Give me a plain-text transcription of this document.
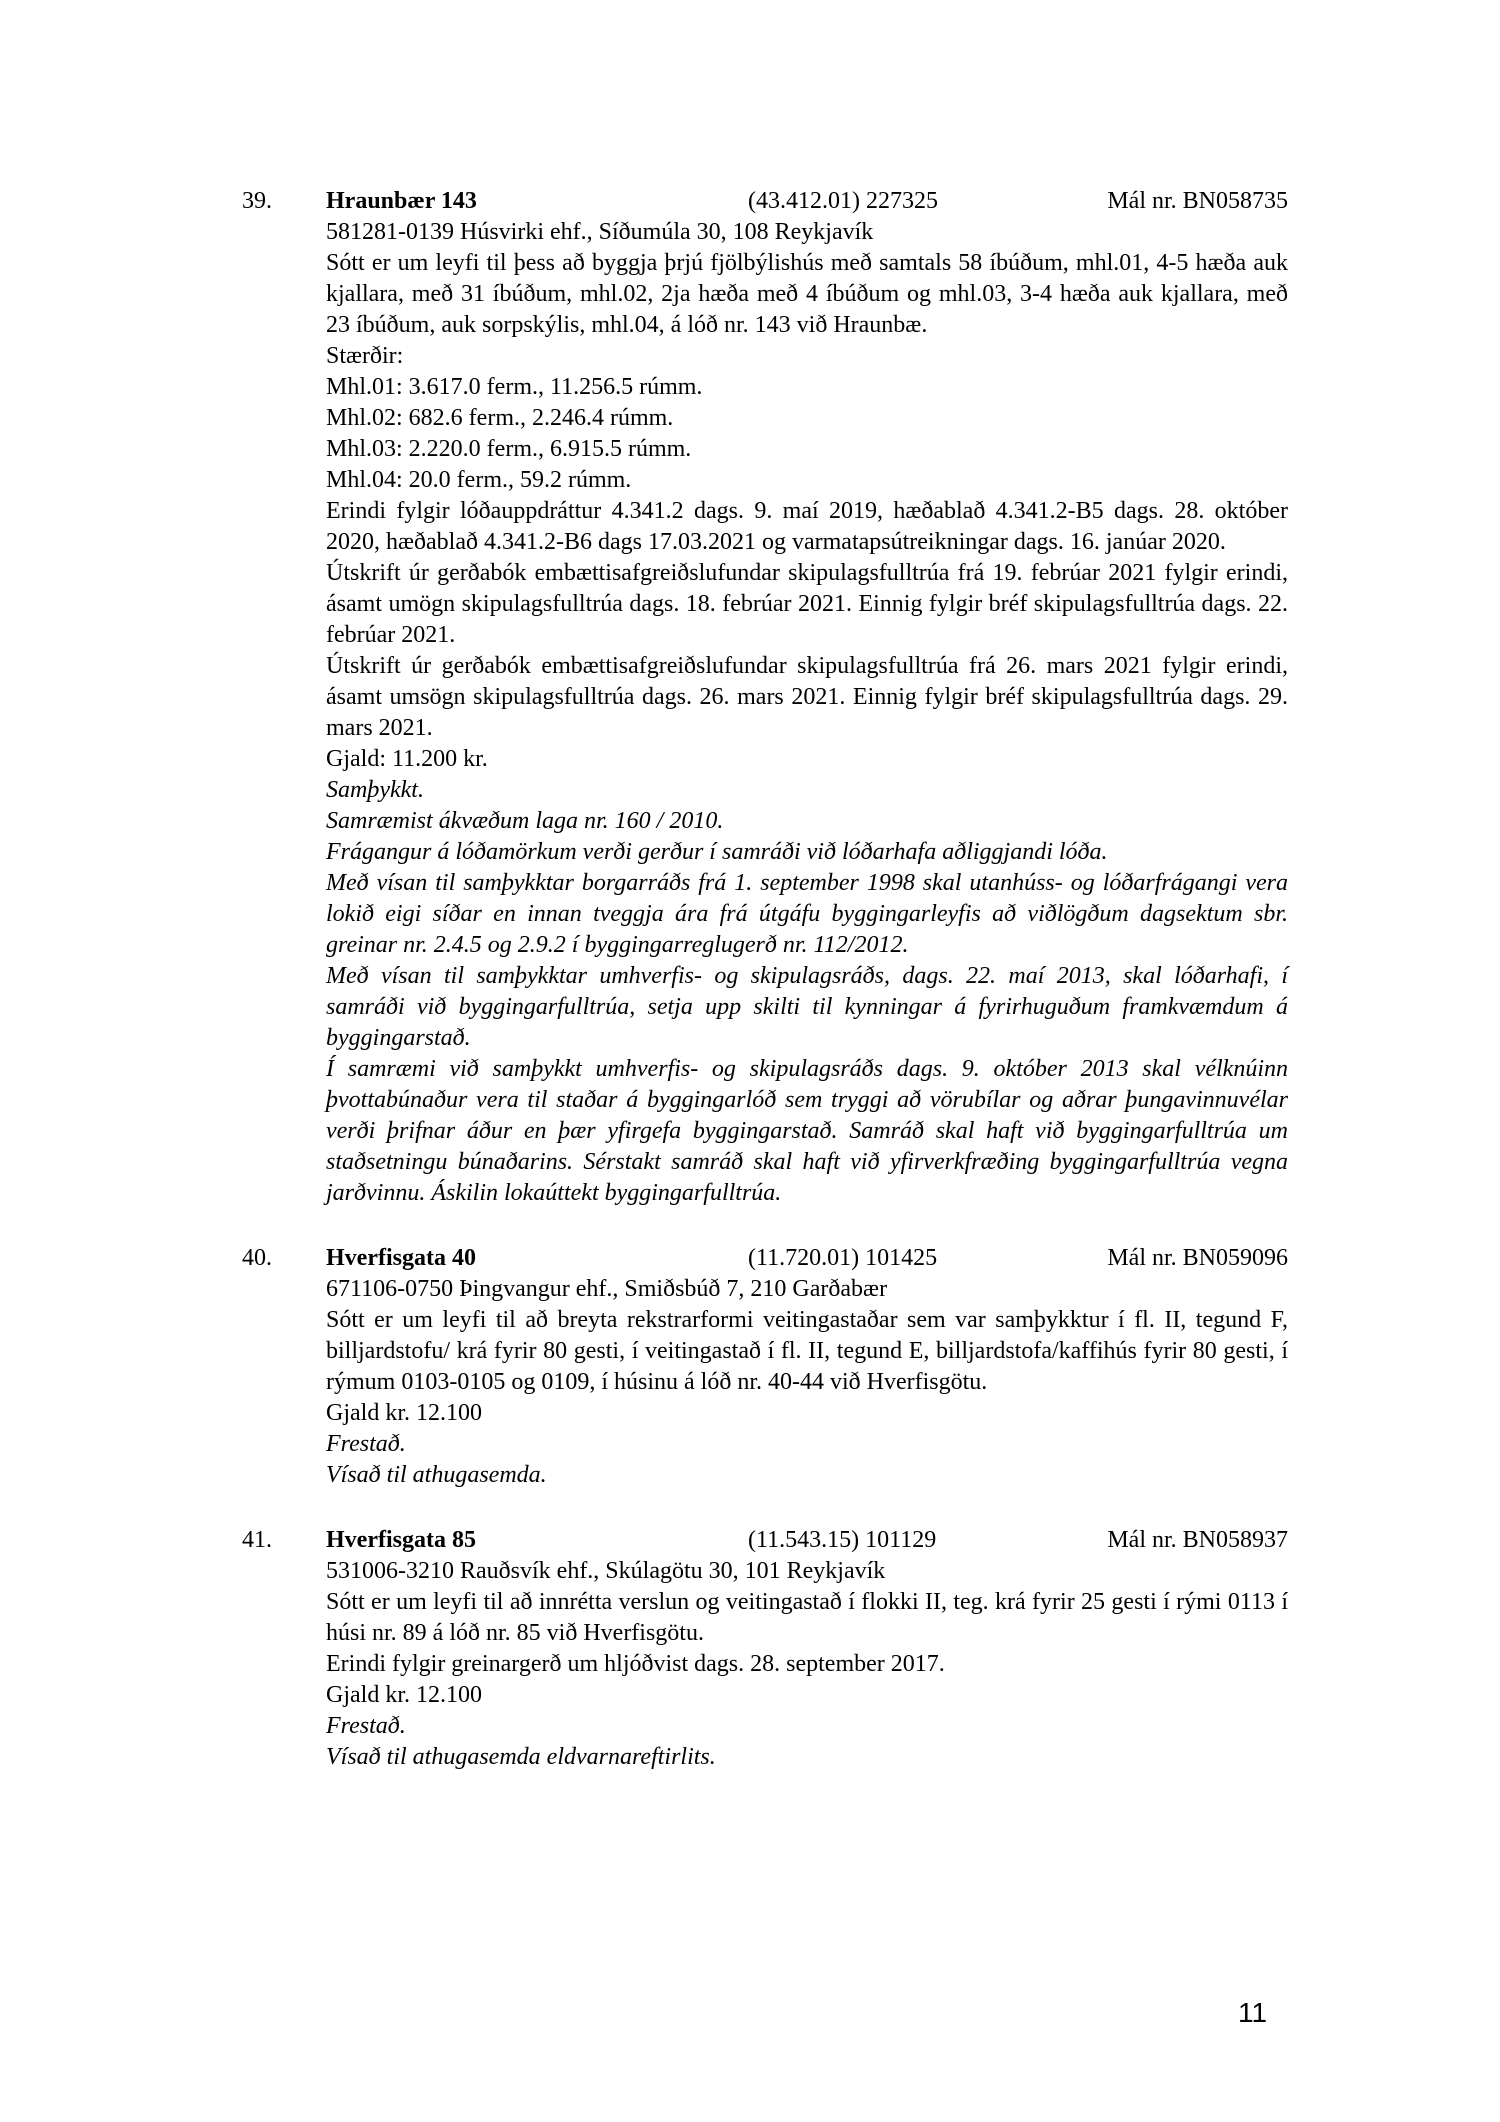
39.	Hraunbær 143	(43.412.01) 227325	Mál nr. BN058735
581281-0139 Húsvirki ehf., Síðumúla 30, 108 Reykjavík
Sótt er um leyfi til þess að byggja þrjú fjölbýlishús með samtals 58 íbúðum, mhl.01, 4-5 hæða auk kjallara, með 31 íbúðum, mhl.02, 2ja hæða með 4 íbúðum og mhl.03, 3-4 hæða auk kjallara, með 23 íbúðum, auk sorpskýlis, mhl.04, á lóð nr. 143 við Hraunbæ.
Stærðir:
Mhl.01: 3.617.0 ferm., 11.256.5 rúmm.
Mhl.02: 682.6 ferm., 2.246.4 rúmm.
Mhl.03: 2.220.0 ferm., 6.915.5 rúmm.
Mhl.04: 20.0 ferm., 59.2 rúmm.
Erindi fylgir lóðauppdráttur 4.341.2 dags. 9. maí 2019, hæðablað 4.341.2-B5 dags. 28. október 2020, hæðablað 4.341.2-B6 dags 17.03.2021 og varmatapsútreikningar dags. 16. janúar 2020.
Útskrift úr gerðabók embættisafgreiðslufundar skipulagsfulltrúa frá 19. febrúar 2021 fylgir erindi, ásamt umögn skipulagsfulltrúa dags. 18. febrúar 2021. Einnig fylgir bréf skipulagsfulltrúa dags. 22. febrúar 2021.
Útskrift úr gerðabók embættisafgreiðslufundar skipulagsfulltrúa frá 26. mars 2021 fylgir erindi, ásamt umsögn skipulagsfulltrúa dags. 26. mars 2021. Einnig fylgir bréf skipulagsfulltrúa dags. 29. mars 2021.
Gjald: 11.200 kr.
Samþykkt.
Samræmist ákvæðum laga nr. 160 / 2010.
Frágangur á lóðamörkum verði gerður í samráði við lóðarhafa aðliggjandi lóða.
Með vísan til samþykktar borgarráðs frá 1. september 1998 skal utanhúss- og lóðarfrágangi vera lokið eigi síðar en innan tveggja ára frá útgáfu byggingarleyfis að viðlögðum dagsektum sbr. greinar nr. 2.4.5 og 2.9.2 í byggingarreglugerð nr. 112/2012.
Með vísan til samþykktar umhverfis- og skipulagsráðs, dags. 22. maí 2013, skal lóðarhafi, í samráði við byggingarfulltrúa, setja upp skilti til kynningar á fyrirhuguðum framkvæmdum á byggingarstað.
Í samræmi við samþykkt umhverfis- og skipulagsráðs dags. 9. október 2013 skal vélknúinn þvottabúnaður vera til staðar á byggingarlóð sem tryggi að vörubílar og aðrar þungavinnuvélar verði þrifnar áður en þær yfirgefa byggingarstað. Samráð skal haft við byggingarfulltrúa um staðsetningu búnaðarins. Sérstakt samráð skal haft við yfirverkfræðing byggingarfulltrúa vegna jarðvinnu. Áskilin lokaúttekt byggingarfulltrúa.
40.	Hverfisgata 40	(11.720.01) 101425	Mál nr. BN059096
671106-0750 Þingvangur ehf., Smiðsbúð 7, 210 Garðabær
Sótt er um leyfi til að breyta rekstrarformi veitingastaðar sem var samþykktur í fl. II, tegund F, billjardstofu/ krá fyrir 80 gesti, í veitingastað í fl. II, tegund E, billjardstofa/kaffihús fyrir 80 gesti, í rýmum 0103-0105 og 0109, í húsinu á lóð nr. 40-44 við Hverfisgötu.
Gjald kr. 12.100
Frestað.
Vísað til athugasemda.
41.	Hverfisgata 85	(11.543.15) 101129	Mál nr. BN058937
531006-3210 Rauðsvík ehf., Skúlagötu 30, 101 Reykjavík
Sótt er um leyfi til að innrétta verslun og veitingastað í flokki II, teg. krá fyrir 25 gesti í rými 0113 í húsi nr. 89 á lóð nr. 85 við Hverfisgötu.
Erindi fylgir greinargerð um hljóðvist dags. 28. september 2017.
Gjald kr. 12.100
Frestað.
Vísað til athugasemda eldvarnareftirlits.
11
